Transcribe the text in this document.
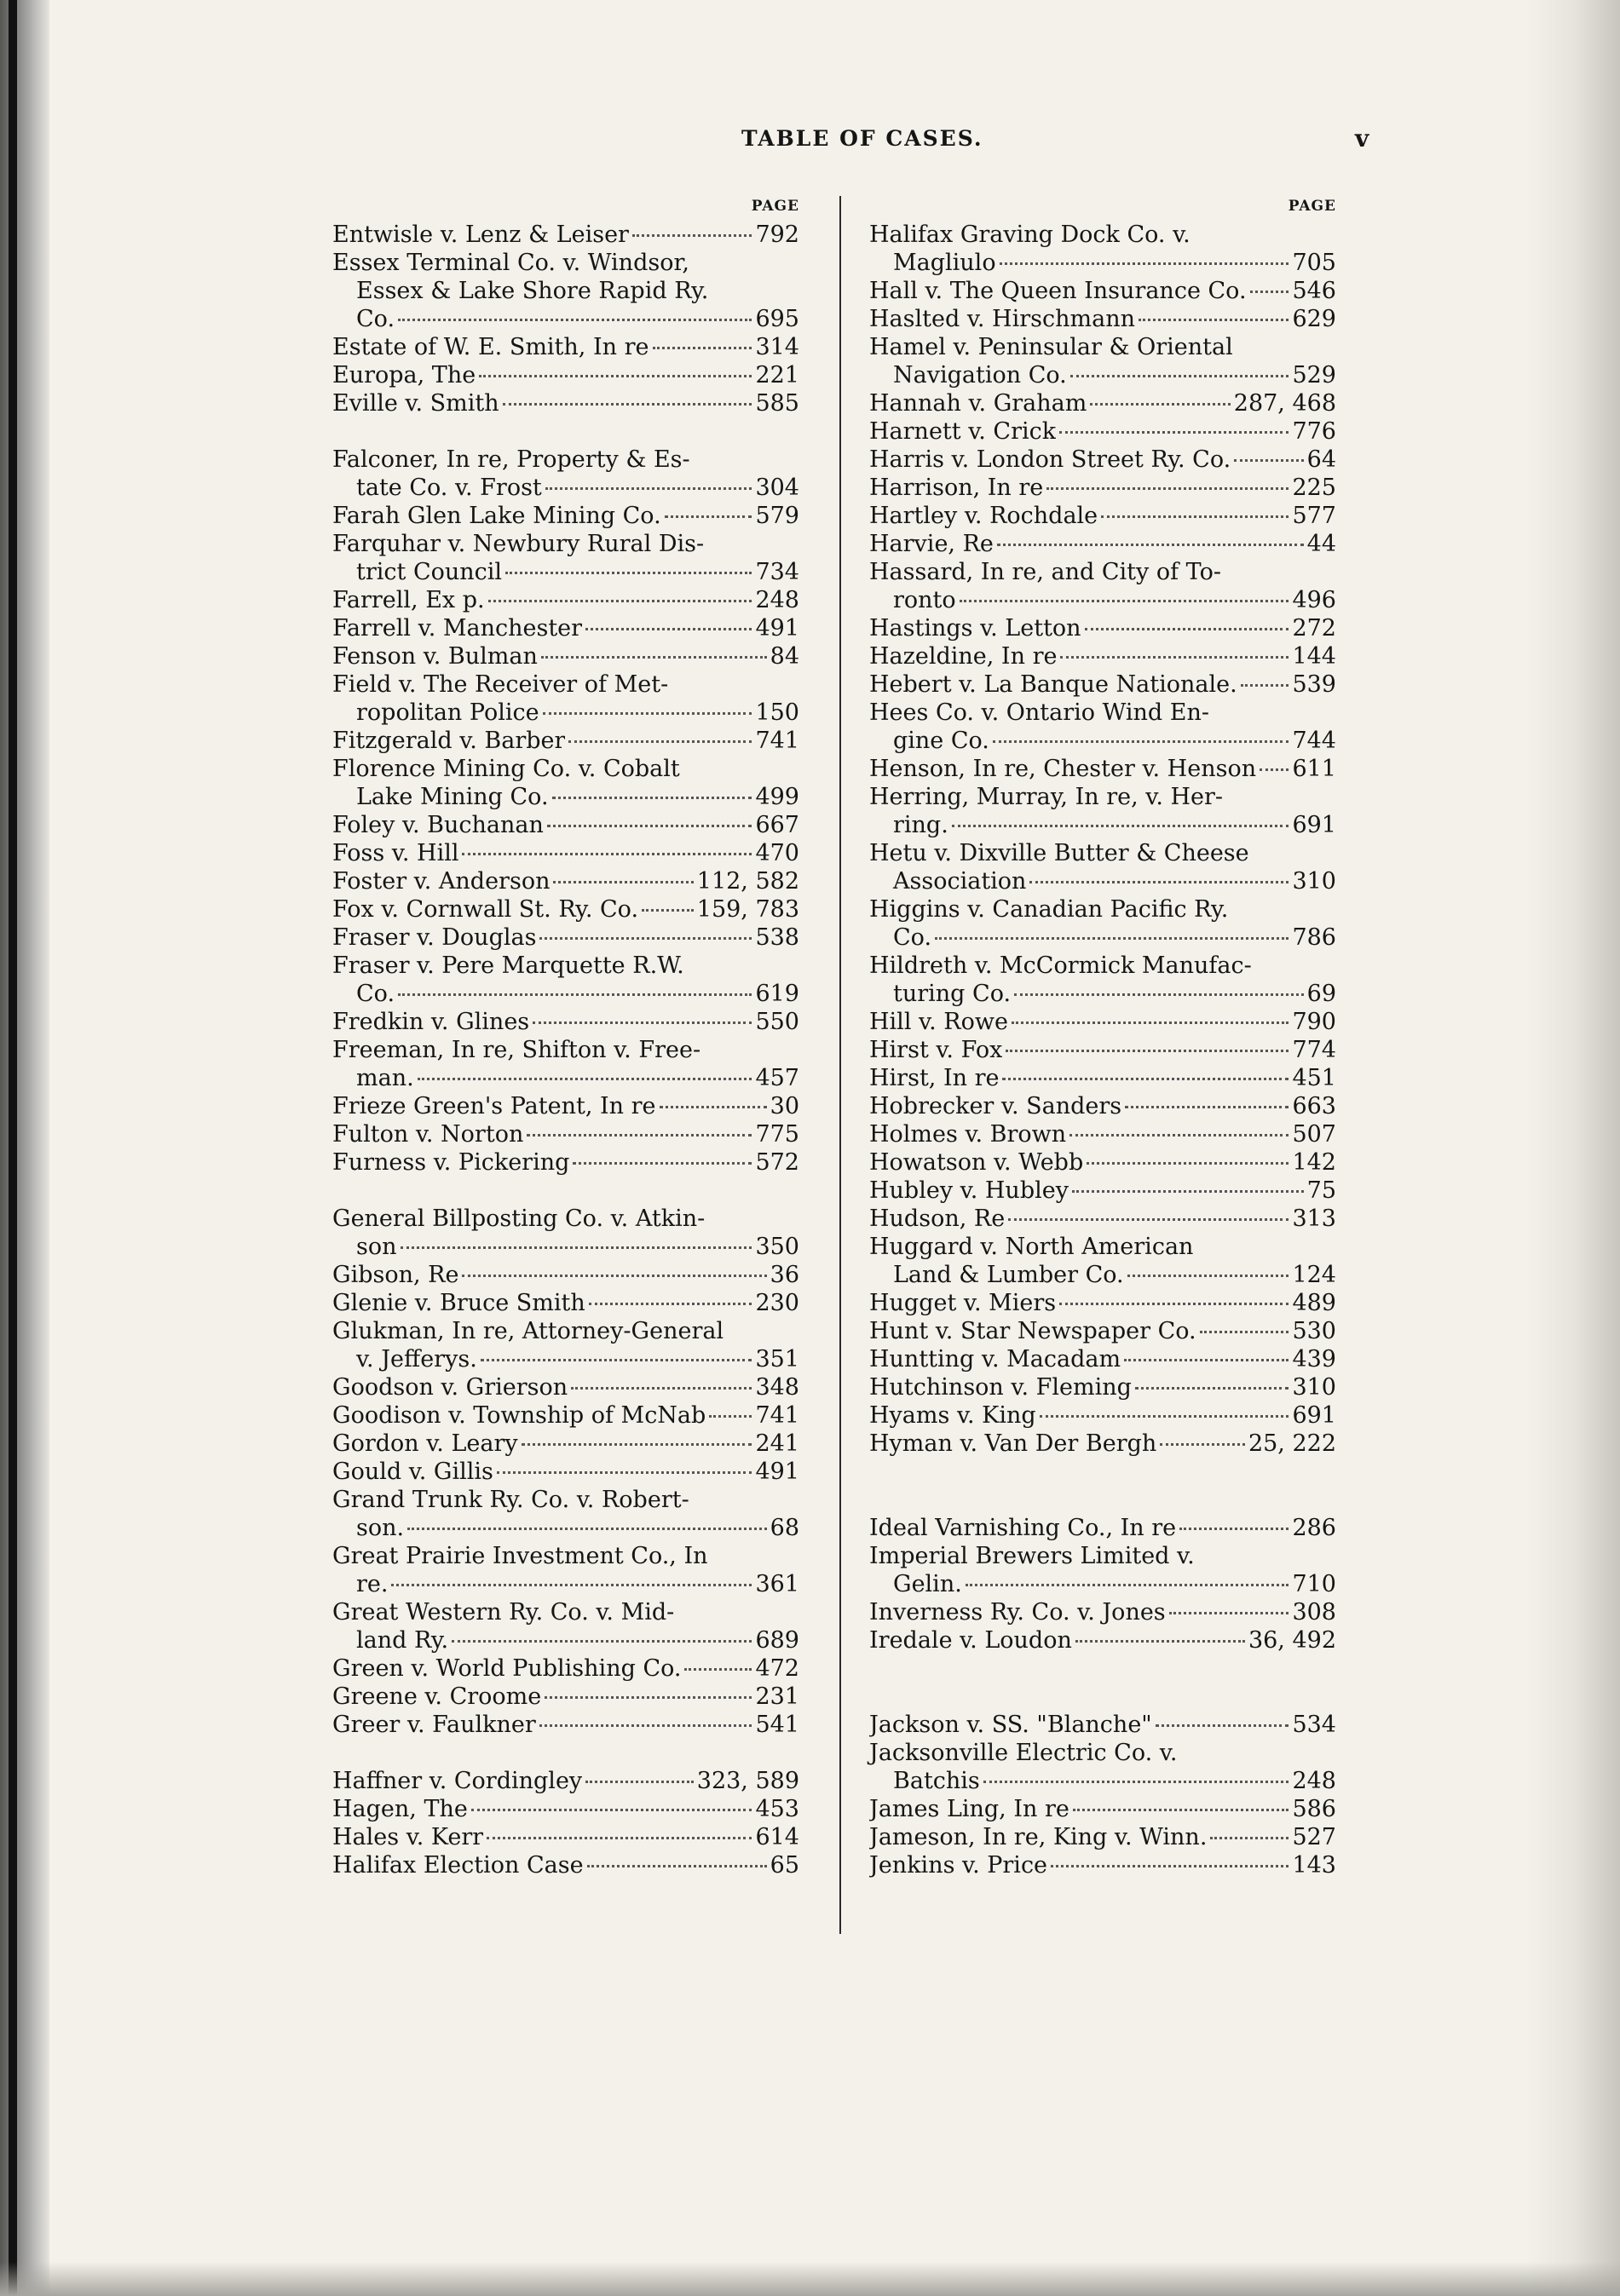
TABLE OF CASES.	v
PAGE
Entwisle v. Lenz & Leiser	792
Essex Terminal Co. v. Windsor,
Essex & Lake Shore Rapid Ry.
Co.	695
Estate of W. E. Smith, In re	314
Europa, The	221
Eville v. Smith	585
Falconer, In re, Property & Es-
tate Co. v. Frost	304
Farah Glen Lake Mining Co.	579
Farquhar v. Newbury Rural Dis-
trict Council	734
Farrell, Ex p.	248
Farrell v. Manchester	491
Fenson v. Bulman	84
Field v. The Receiver of Met-
ropolitan Police	150
Fitzgerald v. Barber	741
Florence Mining Co. v. Cobalt
Lake Mining Co.	499
Foley v. Buchanan	667
Foss v. Hill	470
Foster v. Anderson	112, 582
Fox v. Cornwall St. Ry. Co.	159, 783
Fraser v. Douglas	538
Fraser v. Pere Marquette R.W.
Co.	619
Fredkin v. Glines	550
Freeman, In re, Shifton v. Free-
man.	457
Frieze Green's Patent, In re	30
Fulton v. Norton	775
Furness v. Pickering	572
General Billposting Co. v. Atkin-
son	350
Gibson, Re	36
Glenie v. Bruce Smith	230
Glukman, In re, Attorney-General
v. Jefferys.	351
Goodson v. Grierson	348
Goodison v. Township of McNab 741
Gordon v. Leary	241
Gould v. Gillis	491
Grand Trunk Ry. Co. v. Robert-
son.	68
Great Prairie Investment Co., In
re.	361
Great Western Ry. Co. v. Mid-
land Ry.	689
Green v. World Publishing Co.	472
Greene v. Croome	231
Greer v. Faulkner	541
Haffner v. Cordingley	323, 589
Hagen, The	453
Hales v. Kerr	614
Halifax Election Case	65
PAGE
Halifax Graving Dock Co. v.
Magliulo	705
Hall v. The Queen Insurance Co. 546
Haslted v. Hirschmann	629
Hamel v. Peninsular & Oriental
Navigation Co.	529
Hannah v. Graham	287, 468
Harnett v. Crick	776
Harris v. London Street Ry. Co.	64
Harrison, In re	225
Hartley v. Rochdale	577
Harvie, Re	44
Hassard, In re, and City of To-
ronto	496
Hastings v. Letton	272
Hazeldine, In re	144
Hebert v. La Banque Nationale. 539
Hees Co. v. Ontario Wind En-
gine Co.	744
Henson, In re, Chester v. Henson 611
Herring, Murray, In re, v. Her-
ring.	691
Hetu v. Dixville Butter & Cheese
Association	310
Higgins v. Canadian Pacific Ry.
Co.	786
Hildreth v. McCormick Manufac-
turing Co.	69
Hill v. Rowe	790
Hirst v. Fox	774
Hirst, In re	451
Hobrecker v. Sanders	663
Holmes v. Brown	507
Howatson v. Webb	142
Hubley v. Hubley	75
Hudson, Re	313
Huggard v. North American
Land & Lumber Co.	124
Hugget v. Miers	489
Hunt v. Star Newspaper Co.	530
Huntting v. Macadam	439
Hutchinson v. Fleming	310
Hyams v. King	691
Hyman v. Van Der Bergh	25, 222
Ideal Varnishing Co., In re	286
Imperial Brewers Limited v.
Gelin.	710
Inverness Ry. Co. v. Jones	308
Iredale v. Loudon	36, 492
Jackson v. SS. "Blanche"	534
Jacksonville Electric Co. v.
Batchis	248
James Ling, In re	586
Jameson, In re, King v. Winn.	527
Jenkins v. Price	143
